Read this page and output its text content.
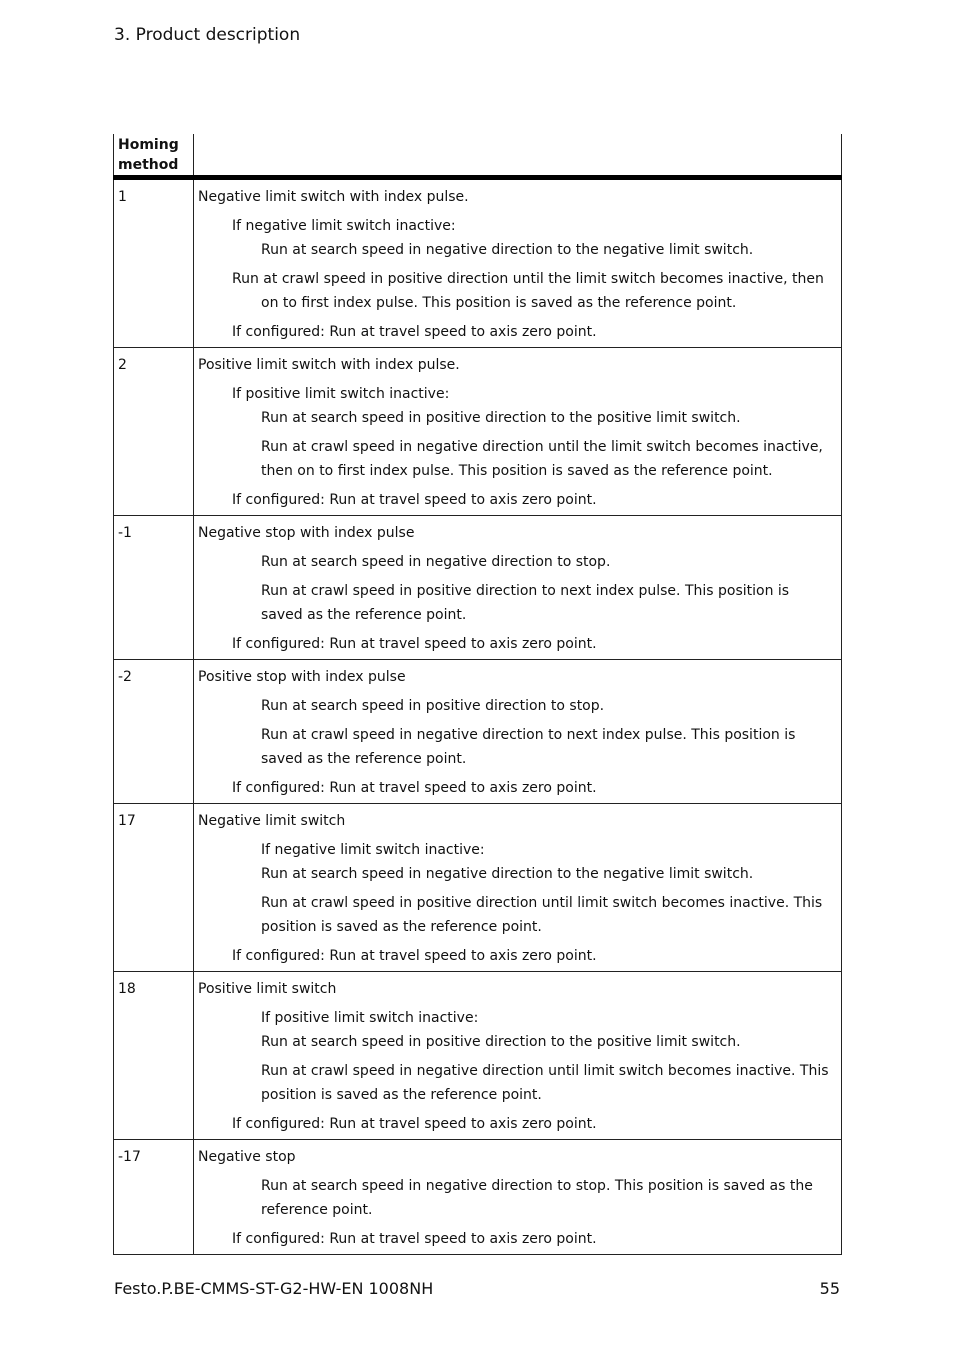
3. Product description
Homing method	
1	Negative limit switch with index pulse.
If negative limit switch inactive:
Run at search speed in negative direction to the negative limit switch.
Run at crawl speed in positive direction until the limit switch becomes inactive, then on to first index pulse. This position is saved as the reference point.
If configured: Run at travel speed to axis zero point.

2	Positive limit switch with index pulse.
If positive limit switch inactive:
Run at search speed in positive direction to the positive limit switch.
Run at crawl speed in negative direction until the limit switch becomes inactive, then on to first index pulse. This position is saved as the reference point.
If configured: Run at travel speed to axis zero point.

-1	Negative stop with index pulse
Run at search speed in negative direction to stop.
Run at crawl speed in positive direction to next index pulse. This position is saved as the reference point.
If configured: Run at travel speed to axis zero point.

-2	Positive stop with index pulse
Run at search speed in positive direction to stop.
Run at crawl speed in negative direction to next index pulse. This position is saved as the reference point.
If configured: Run at travel speed to axis zero point.

17	Negative limit switch
If negative limit switch inactive:
Run at search speed in negative direction to the negative limit switch.
Run at crawl speed in positive direction until limit switch becomes inactive. This position is saved as the reference point.
If configured: Run at travel speed to axis zero point.

18	Positive limit switch
If positive limit switch inactive:
Run at search speed in positive direction to the positive limit switch.
Run at crawl speed in negative direction until limit switch becomes inactive. This position is saved as the reference point.
If configured: Run at travel speed to axis zero point.

-17	Negative stop
Run at search speed in negative direction to stop. This position is saved as the reference point.
If configured: Run at travel speed to axis zero point.
Festo.P.BE-CMMS-ST-G2-HW-EN 1008NH	55
